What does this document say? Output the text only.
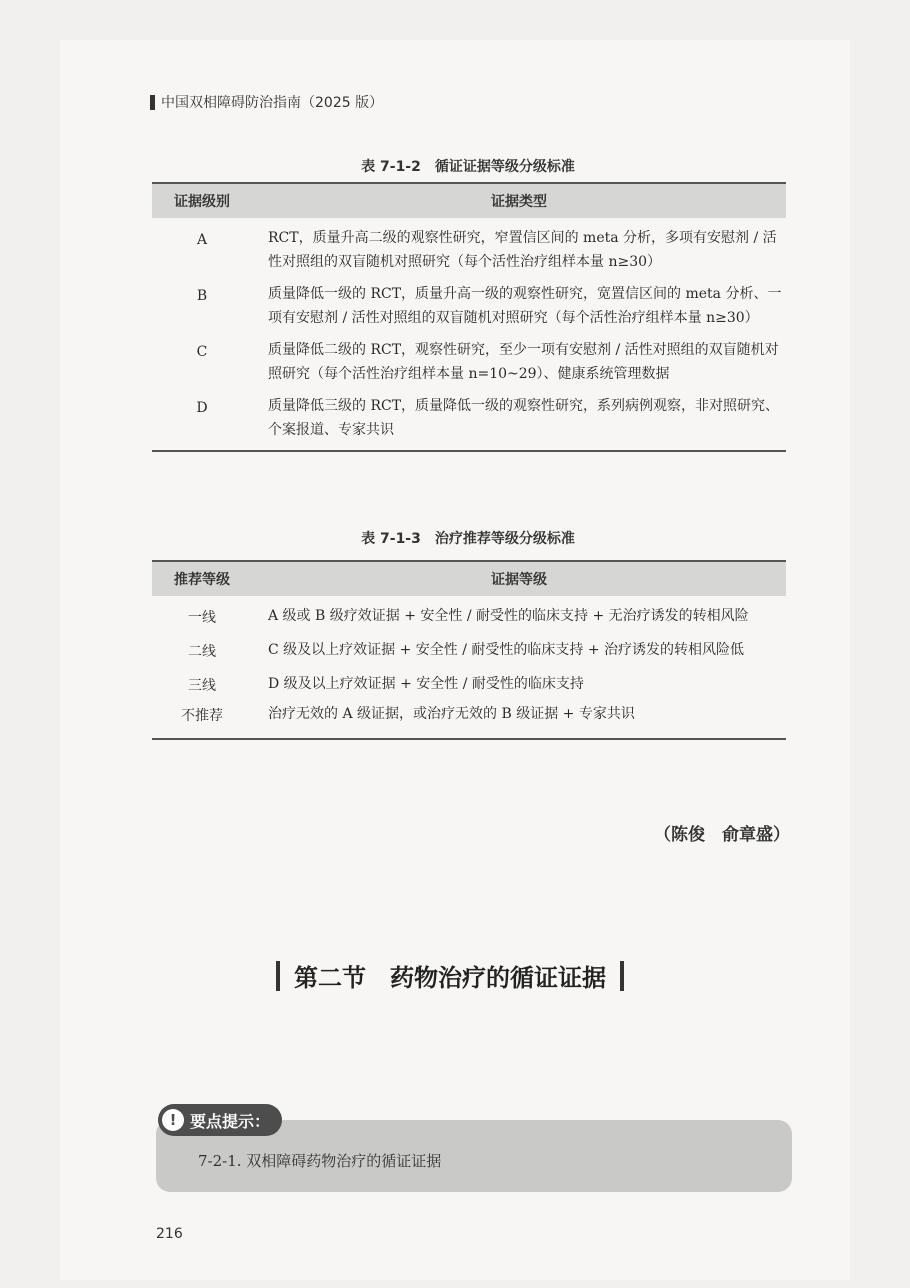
中国双相障碍防治指南（2025 版）
表 7-1-2　循证证据等级分级标准
证据级别	证据类型
A	RCT，质量升高二级的观察性研究，窄置信区间的 meta 分析，多项有安慰剂 / 活性对照组的双盲随机对照研究（每个活性治疗组样本量 n≥30）
B	质量降低一级的 RCT，质量升高一级的观察性研究，宽置信区间的 meta 分析、一项有安慰剂 / 活性对照组的双盲随机对照研究（每个活性治疗组样本量 n≥30）
C	质量降低二级的 RCT，观察性研究，至少一项有安慰剂 / 活性对照组的双盲随机对照研究（每个活性治疗组样本量 n=10~29）、健康系统管理数据
D	质量降低三级的 RCT，质量降低一级的观察性研究，系列病例观察，非对照研究、个案报道、专家共识
表 7-1-3　治疗推荐等级分级标准
推荐等级	证据等级
一线	A 级或 B 级疗效证据 + 安全性 / 耐受性的临床支持 + 无治疗诱发的转相风险
二线	C 级及以上疗效证据 + 安全性 / 耐受性的临床支持 + 治疗诱发的转相风险低
三线	D 级及以上疗效证据 + 安全性 / 耐受性的临床支持
不推荐	治疗无效的 A 级证据，或治疗无效的 B 级证据 + 专家共识
（陈俊　俞章盛）
第二节　药物治疗的循证证据
! 要点提示：
7-2-1. 双相障碍药物治疗的循证证据
216
